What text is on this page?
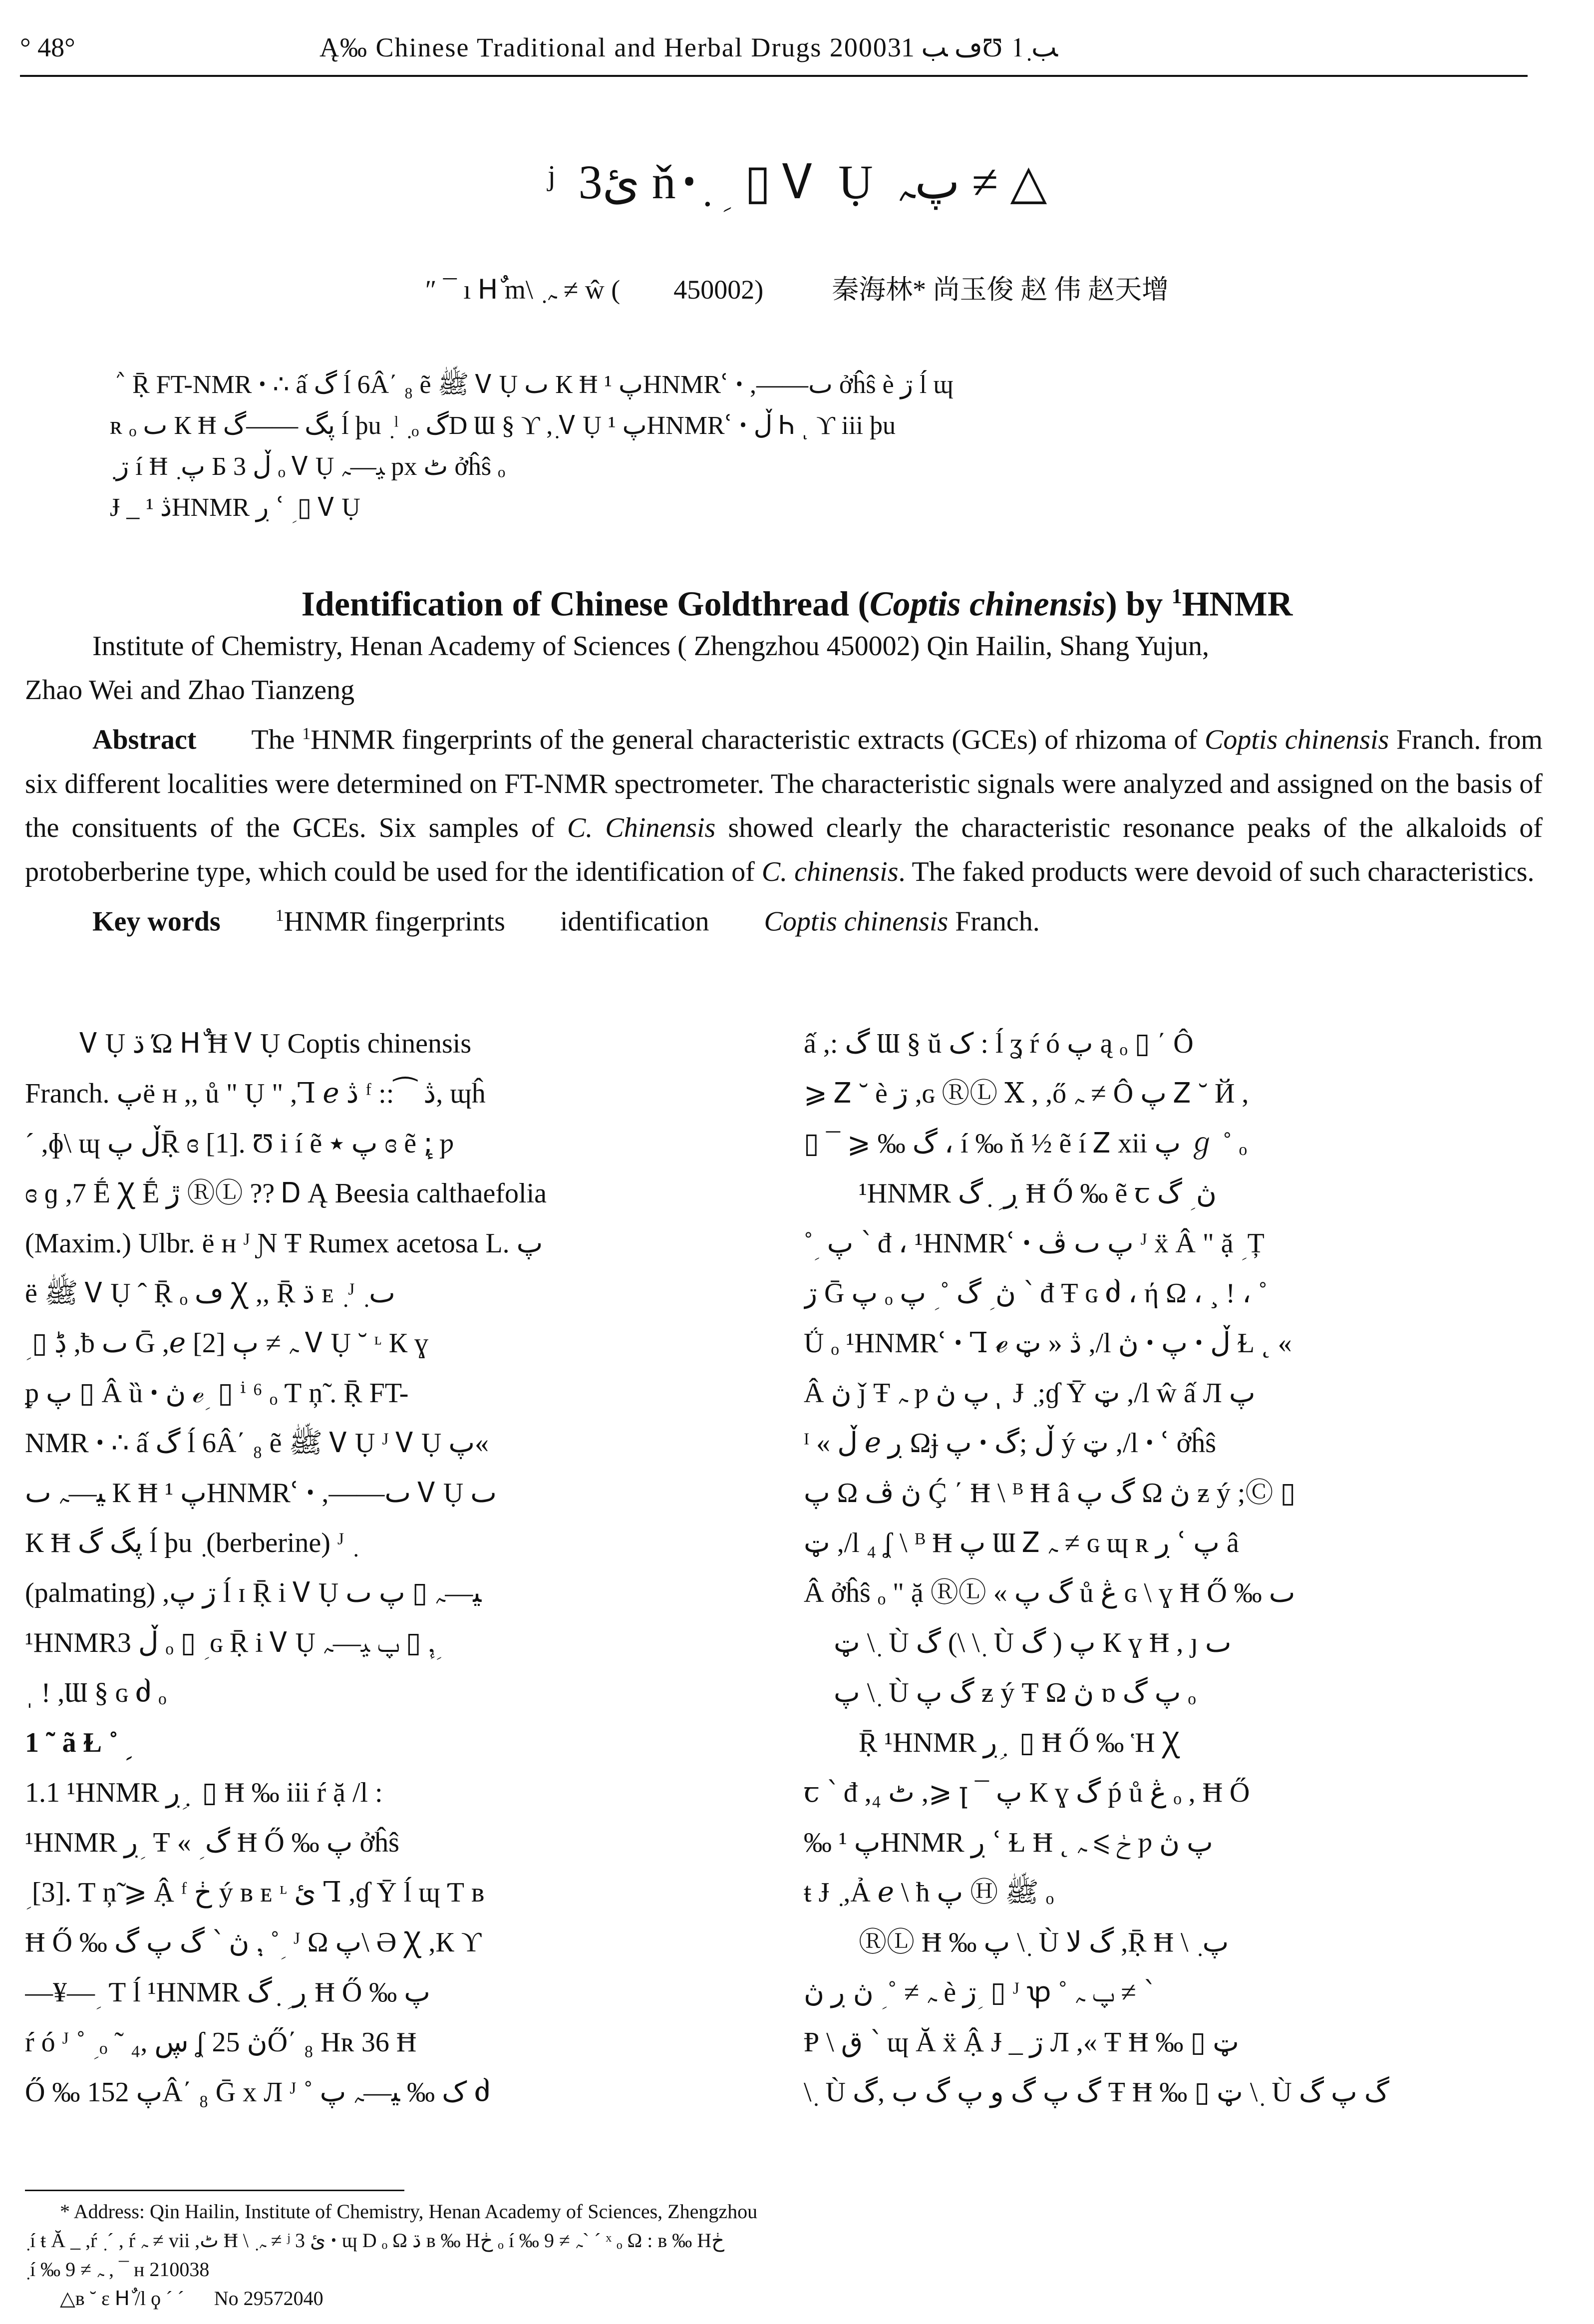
° 48°	Ą‰ Chinese Traditional and Herbal Drugs 2000ڡ ﺐ 31Ʊ ﺐ 1ٜ
ʲ ئ3 ňꞏ ؚ ̣ ▯ Ꮩ Ụ پﮧ ≠ △
″ ¯ ı Hٌ m\ ٜ ﮧ ≠ ŵ ( 450002)	秦海林* 尚玉俊 赵 伟 赵天增
ܿ ՝ Ṝ FT-NMR ꞏ ∴ ấ گ ĺ 6Â΄ ₈ ẽ ﷺ Ꮩ Ụ ٮ К Ħ پ ¹HNMRՙ ꞏ ,——ٮ ởĥŝ è ڗ ĺ ɰ
ʀ ₒ ٮ К Ħ پگ ——گ ĺ þu ٜ ˡ ٜ ₒ گD Ɯ § ϒ ,ٜ Ꮩ Ụ پ ¹HNMRՙ ꞏ ڵ Ꮒ ͺ ϒ iii þu
ٜ ڗ í Ħ ٜ پ Ƃ 3 ڵ ₒ Ꮩ Ụ ﯿ—ﮧ px ٹ ởĥŝ ₒ
Ɉ _ ڎ ¹HNMR ڔ ՙ ؚ ▯ Ꮩ Ụ
Identification of Chinese Goldthread (Coptis chinensis) by $^1$HNMR

Institute of Chemistry, Henan Academy of Sciences ( Zhengzhou 450002) Qin Hailin, Shang Yujun,

Zhao Wei and Zhao Tianzeng

Abstract The $^1$HNMR fingerprints of the general characteristic extracts (GCEs) of rhizoma of Coptis chinensis Franch. from six different localities were determined on FT-NMR spectrometer. The characteristic signals were analyzed and assigned on the basis of the consituents of the GCEs. Six samples of C. Chinensis showed clearly the characteristic resonance peaks of the alkaloids of protoberberine type, which could be used for the identification of C. chinensis. The faked products were devoid of such characteristics.

Key words	$^1$HNMR fingerprints identification Coptis chinensis Franch.

Ꮩ Ụ ڌ Ώ Hٌ Ħ Ꮩ Ụ Coptis chinensis
Franch. پë ʜ ,, ů " Ụ " ,Ꞁ ℯ ڎ ᶠ ::⁀ ڎ, ɰĥ
ˊ ,ɸ\ ɰ ڵ پṜ ɞ [1]. Ʊ i í ẽ پ ٭ ɞ ẽ ;ٕ ƿ
ɞ ɡ ,7 Ḗ Ꭓ Ḗ ڙ ⓇⓁ ?? Ꭰ Ą Beesia calthaefolia
(Maxim.) Ulbr. ë ʜ ᴶ Ɲ Ŧ Rumex acetosa L. پ
ë ﷺ Ꮩ Ụ ˆ Ṝ ₒ ڡ Ꭓ ,, Ṝ ڌ ᴇ ٜ ᴶ ٜ ٮ
ؚ ▯ ڋ ,ƀ ٮ Ḡ ,ℯ ﮧ ≠ ٻ [2] Ꮩ Ụ ˘ ᶫ К ɣ
ᵱ پ ▯ Â ȕ ꞏ ڽ ℯ ؚ ▯ ⁱ ⁶ ₒ Ƭ ņ̃ . Ṝ FT-
NMR ꞏ ∴ ấ گ ĺ 6Â΄ ₈ ẽ ﷺ Ꮩ Ụ ᴶ Ꮩ Ụ پ«
ﯿ—ﮧ ٮ К Ħ پ ¹HNMRՙ ꞏ ,——ٮ Ꮩ Ụ ٮ
К Ħ پگ گ ĺ þu ٜ (berberine) ᴶ ٜ
(palmating) ,ڗ پ ĺ ɪ Ṝ i Ꮩ Ụ ﯿ—ﮧ ▯ پ ٮ
¹HNMR3 ڵ ₒ ▯ ؚ ɢ Ṝ i Ꮩ Ụ پ ﯿ—ﮧ ▯ ,ٕ ؚ
ˌ ! ,Ɯ § ɢ ძ ₒ
1 ˜ ã Ɫ ˚ ؚ
1.1 ¹HNMR ڔ ؚ ̣ ▯ Ħ ‰ iii ŕ ặ /l :
¹HNMR ڔ ؚ Ŧ « ؚ گ Ħ Ő ‰ پ ởĥŝ
ؚ [3]. Ƭ ņ̃ ⩾ Ậ ᶠ ڂ ý ʙ ᴇ ᶫ ئ Ꞁ ,ɠ Ȳ ĺ ɰ Ƭ ʙ
Ħ Ő ‰ گ پ گ ՝ ڽ ,ٜ ˚ ؚ ᴶ Ω پ\ Ə Ꭓ ,К ϒ
—¥— ؚ Ƭ ĺ ¹HNMR ڔ ؚ ̣ گ Ħ Ő ‰ پ
ŕ ó ᴶ ˚ ؚ ₒ ˜ ڛ ,₄ ʆ ڽ 25Ő΄ ₈ Hʀ 36 Ħ
Ő ‰ پ 152Â΄ ₈ Ḡ x Л ᴶ ˚ ک ‰ ﯿ—ﮧ پ ძ
ấ ,: گ Ɯ § ŭ ک : ĺ ʓ ŕ ó پ ą ₒ ▯ ΄ Ô
⩾ Ꮓ ˘ è ڗ ,ɢ ⓇⓁ Ⅹ , ,ő ﮧ ≠ Ô پ Ꮓ ˘ Й ,
▯ ¯ ⩾ ‰ گ ، í ‰ ň ½ ẽ í Ꮓ xii پ ℊ ˚ ₒ
¹HNMR ڔ ؚ ̣ گ Ħ Ő ‰ ẽ ꞇ ڽ ؚ گ
˚ ؚ پ ՝ đ ، ¹HNMRՙ ꞏ پ ٮ ڤ ᴶ ẍ Â " ặ ؚ Ț
ڗ Ḡ پ ₒ ڽ ؚ گ ˚ ؚ پ ՝ đ Ŧ ɢ ძ ، ή Ω ، ¸ ! ، ˚
Ǘ ₒ ¹HNMRՙ ꞏ Ꞁ ℯ ڎ « ټ ,/l ڽ ꞏ پ ꞏ ڵ Ɫ ˛ «
Â ڽ ǰ Ŧ ﮧ ƿ پ ڽ ٖ Ɉ ٜ ;ɠ Ȳ ټ ,/l ŵ ấ Л پ
ᴵ « ڵ ℯ ڔ Ωɉ پ ꞏ ڵ ;گ ý ټ ,/l ꞏ ՙ ởĥŝ
پ Ω ڽ ڤ Ḉ ΄ Ħ \ ᴮ Ħ â گ پ Ω ڽ ƶ ý ;Ⓒ ▯
ټ ,/l ₄ ʆ \ ᴮ Ħ پ Ɯ Ꮓ ﮧ ≠ ɢ ɰ ʀ ڔ ՙ پ â
Â ởĥŝ ₒ " ặ ⓇⓁ « گ پ ů ڠ ɢ \ ɣ Ħ Ő ‰ ٮ
ټ \ ٜ Ù گ (\ \ ٜ Ù گ ) پ К ɣ Ħ , ȷ ٮ
پ \ ٜ Ù گ پ ƶ ý Ŧ Ω ڽ ɒ پ گ ₒ
Ṝ ¹HNMR ڔ ؚ ̣ ▯ Ħ Ő ‰ Ἡ Ꭓ
ꞇ ՝ đ ,₄ ٹ ,⩾ ꞁ ¯ پ К ɣ گ ṕ ů ڠ ₒ , Ħ Ő
‰ پ ¹HNMR ڔ ՙ Ɫ Ħ ˛ ڂ ⩾ ﮧ ƿ پ ڽ
ŧ Ɉ ٜ ,Ả ℯ \ ħ پ Ⓗ ﷺ ₒ
ⓇⓁ Ħ ‰ پ \ ٜ Ù گ ﻻ ,Ṝ Ħ \ ٜ پ
ﮧ ≠ ˚ ؚ ڽ ڔ ڽ è ڗ ؚ ▯ ᴶ ꝕ ˚ پ ﮧ ≠ ՝
Ᵽ \ ق ՝ ɰ Ă ẍ Ậ Ɉ _ ڗ Л ,« Ŧ Ħ ‰ ▯ ټ
\ ٜ Ù گ پ گ و پ گ ب ,گ Ŧ Ħ ‰ ▯ ټ \ ٜ Ù گ پ گ
* Address: Qin Hailin, Institute of Chemistry, Henan Academy of Sciences, Zhengzhou
ٜ í ŧ Ă _ ,ŕ ٜ ˊ , ŕ ﮧ ≠ vii ,ٹ Ħ \ ٜ ﮧ ≠ ʲ ئ 3 ꞏ ɰ D ₒ Ω ڌ ʙ ‰ Hڂ ₒ í ‰ ﮧ ≠ 9ˋ ˊ ˣ ₒ Ω : ʙ ‰ Hڂ
ٜ í ‰ ﮧ ≠ 9 , ¯ ʜ 210038
△ʙ ˘ ɛ Hٌ /l ϙ ˊ ˊ No 29572040
